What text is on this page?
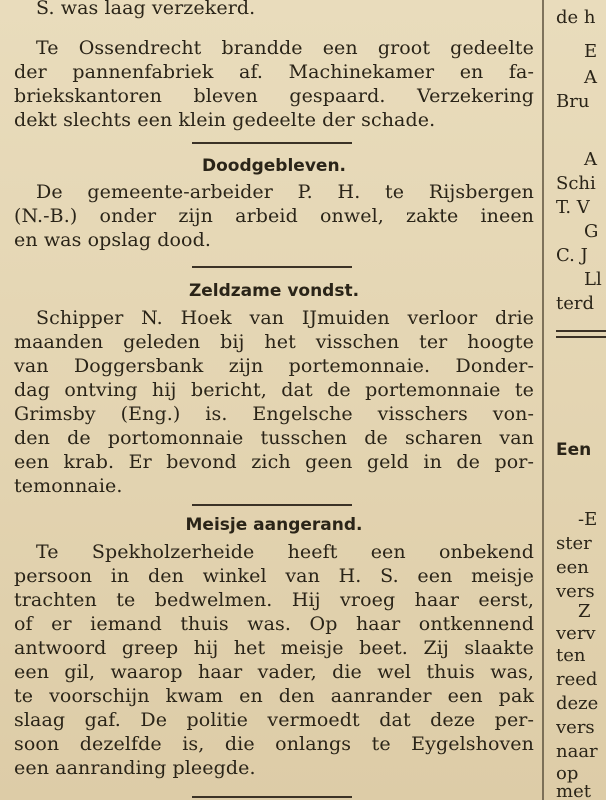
S. was laag verzekerd.
Te Ossendrecht brandde een groot gedeelte
der pannenfabriek af. Machinekamer en fa-
briekskantoren bleven gespaard. Verzekering
dekt slechts een klein gedeelte der schade.
Doodgebleven.
De gemeente-arbeider P. H. te Rijsbergen
(N.-B.) onder zijn arbeid onwel, zakte ineen
en was opslag dood.
Zeldzame vondst.
Schipper N. Hoek van IJmuiden verloor drie
maanden geleden bij het visschen ter hoogte
van Doggersbank zijn portemonnaie. Donder-
dag ontving hij bericht, dat de portemonnaie te
Grimsby (Eng.) is. Engelsche visschers von-
den de portomonnaie tusschen de scharen van
een krab. Er bevond zich geen geld in de por-
temonnaie.
Meisje aangerand.
Te Spekholzerheide heeft een onbekend
persoon in den winkel van H. S. een meisje
trachten te bedwelmen. Hij vroeg haar eerst,
of er iemand thuis was. Op haar ontkennend
antwoord greep hij het meisje beet. Zij slaakte
een gil, waarop haar vader, die wel thuis was,
te voorschijn kwam en den aanrander een pak
slaag gaf. De politie vermoedt dat deze per-
soon dezelfde is, die onlangs te Eygelshoven
een aanranding pleegde.
de h
E
A
Bru
A
Schi
T. V
G
C. J
Ll
terd
Een
-E
ster
een
vers
Z
verv
ten
reed
deze
vers
naar
op
met
